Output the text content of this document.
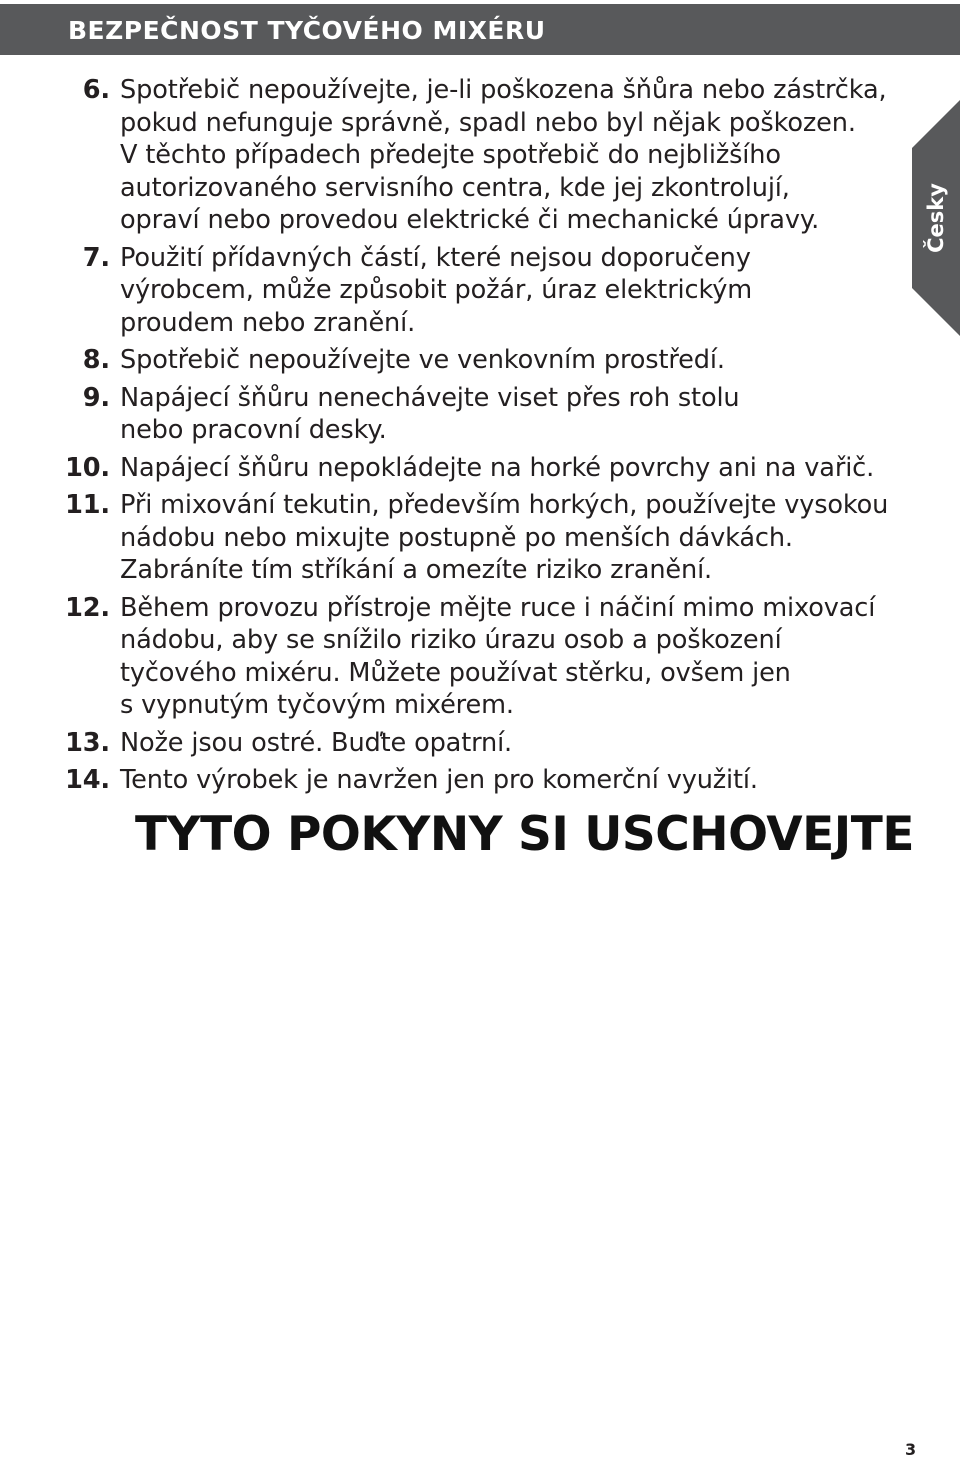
BEZPEČNOST TYČOVÉHO MIXÉRU
Česky
6. Spotřebič nepoužívejte, je-li poškozena šňůra nebo zástrčka,
pokud nefunguje správně, spadl nebo byl nějak poškozen.
V těchto případech předejte spotřebič do nejbližšího
autorizovaného servisního centra, kde jej zkontrolují,
opraví nebo provedou elektrické či mechanické úpravy.
7. Použití přídavných částí, které nejsou doporučeny
výrobcem, může způsobit požár, úraz elektrickým
proudem nebo zranění.
8. Spotřebič nepoužívejte ve venkovním prostředí.
9. Napájecí šňůru nenechávejte viset přes roh stolu
nebo pracovní desky.
10. Napájecí šňůru nepokládejte na horké povrchy ani na vařič.
11. Při mixování tekutin, především horkých, používejte vysokou
nádobu nebo mixujte postupně po menších dávkách.
Zabráníte tím stříkání a omezíte riziko zranění.
12. Během provozu přístroje mějte ruce i náčiní mimo mixovací
nádobu, aby se snížilo riziko úrazu osob a poškození
tyčového mixéru. Můžete používat stěrku, ovšem jen
s vypnutým tyčovým mixérem.
13. Nože jsou ostré. Buďte opatrní.
14. Tento výrobek je navržen jen pro komerční využití.
TYTO POKYNY SI USCHOVEJTE
3
